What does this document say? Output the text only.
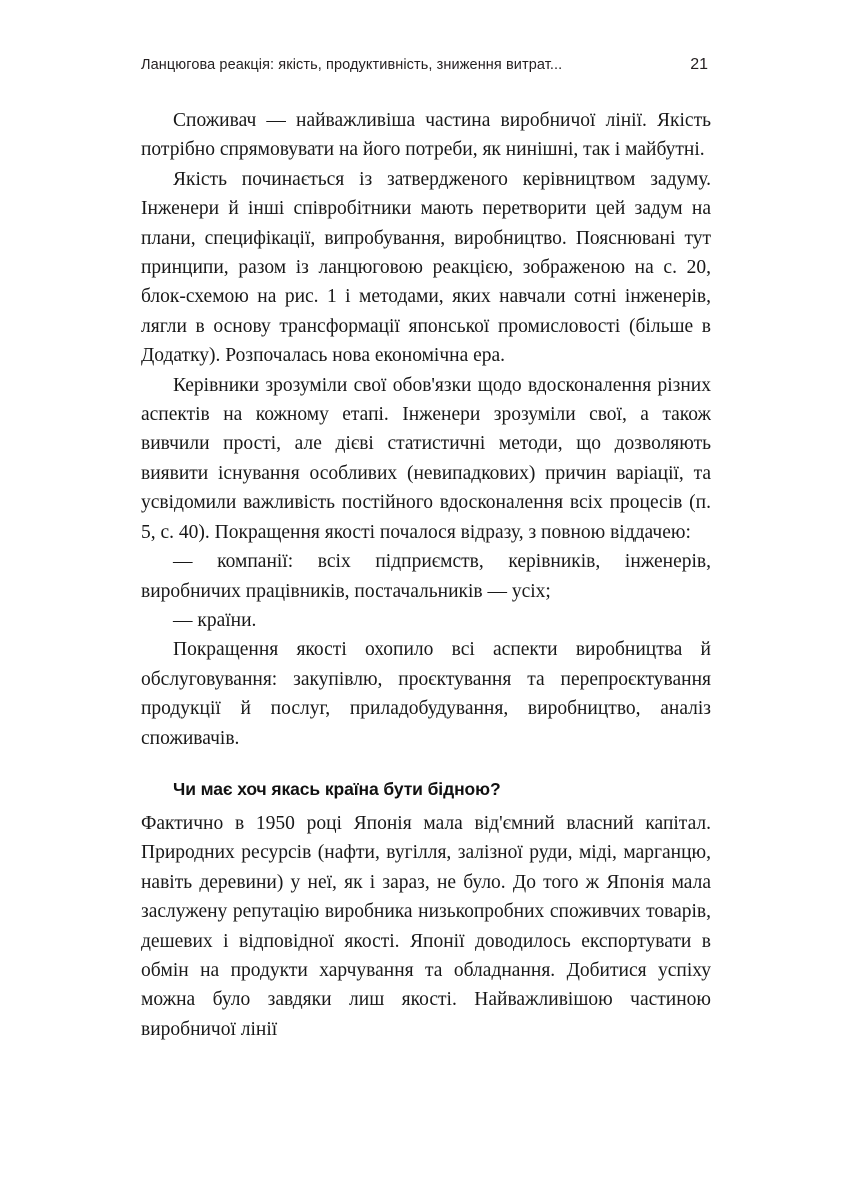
Ланцюгова реакція: якість, продуктивність, зниження витрат...	21

Споживач — найважливіша частина виробничої лінії. Якість потрібно спрямовувати на його потреби, як нинішні, так і майбутні.

Якість починається із затвердженого керівництвом задуму. Інженери й інші співробітники мають перетворити цей задум на плани, специфікації, випробування, виробництво. Пояснювані тут принципи, разом із ланцюговою реакцією, зображеною на с. 20, блок-схемою на рис. 1 і методами, яких навчали сотні інженерів, лягли в основу трансформації японської промисловості (більше в Додатку). Розпочалась нова економічна ера.

Керівники зрозуміли свої обов'язки щодо вдосконалення різних аспектів на кожному етапі. Інженери зрозуміли свої, а також вивчили прості, але дієві статистичні методи, що дозволяють виявити існування особливих (невипадкових) причин варіації, та усвідомили важливість постійного вдосконалення всіх процесів (п. 5, с. 40). Покращення якості почалося відразу, з повною віддачею:

— компанії: всіх підприємств, керівників, інженерів, виробничих працівників, постачальників — усіх;

— країни.

Покращення якості охопило всі аспекти виробництва й обслуговування: закупівлю, проєктування та перепроєктування продукції й послуг, приладобудування, виробництво, аналіз споживачів.

Чи має хоч якась країна бути бідною?

Фактично в 1950 році Японія мала від'ємний власний капітал. Природних ресурсів (нафти, вугілля, залізної руди, міді, марганцю, навіть деревини) у неї, як і зараз, не було. До того ж Японія мала заслужену репутацію виробника низькопробних споживчих товарів, дешевих і відповідної якості. Японії доводилось експортувати в обмін на продукти харчування та обладнання. Добитися успіху можна було завдяки лиш якості. Найважливішою частиною виробничої лінії
